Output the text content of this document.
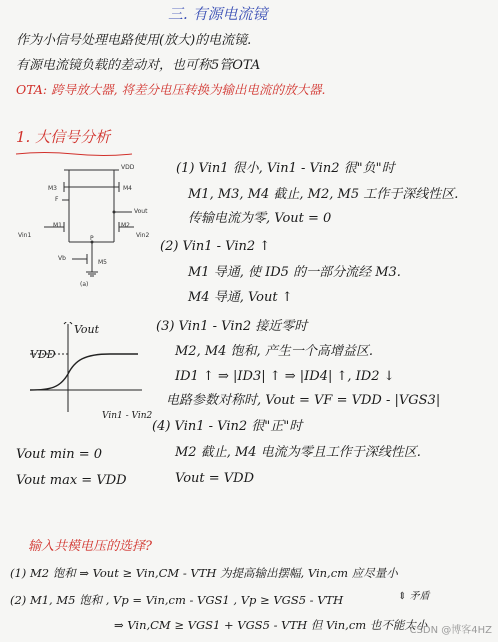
三. 有源电流镜
作为小信号处理电路使用(放大)的电流镜.
有源电流镜负载的差动对，也可称5管OTA
OTA: 跨导放大器, 将差分电压转换为输出电流的放大器.
1. 大信号分析
VDD
M3	M4
F
Vout
M1	M2
Vin1	Vin2
P
Vb
M5
(a)
(1) Vin1 很小, Vin1 - Vin2 很"负"时
M1, M3, M4 截止, M2, M5 工作于深线性区.
传输电流为零, Vout = 0
(2) Vin1 - Vin2 ↑
M1 导通, 使 ID5 的一部分流经 M3.
M4 导通, Vout ↑
Vout
VDD
Vin1 - Vin2
(3) Vin1 - Vin2 接近零时
M2, M4 饱和, 产生一个高增益区.
ID1 ↑ ⇒ |ID3| ↑ ⇒ |ID4| ↑, ID2 ↓
电路参数对称时, Vout = VF = VDD - |VGS3|
(4) Vin1 - Vin2 很"正"时
M2 截止, M4 电流为零且工作于深线性区.
Vout = VDD
Vout min = 0
Vout max = VDD
输入共模电压的选择?
(1) M2 饱和 ⇒ Vout ≥ Vin,CM - VTH 为提高输出摆幅, Vin,cm 应尽量小
(2) M1, M5 饱和 , Vp = Vin,cm - VGS1 , Vp ≥ VGS5 - VTH	⇕ 矛盾
⇒ Vin,CM ≥ VGS1 + VGS5 - VTH 但 Vin,cm 也不能太小
CSDN @博客4HZ
